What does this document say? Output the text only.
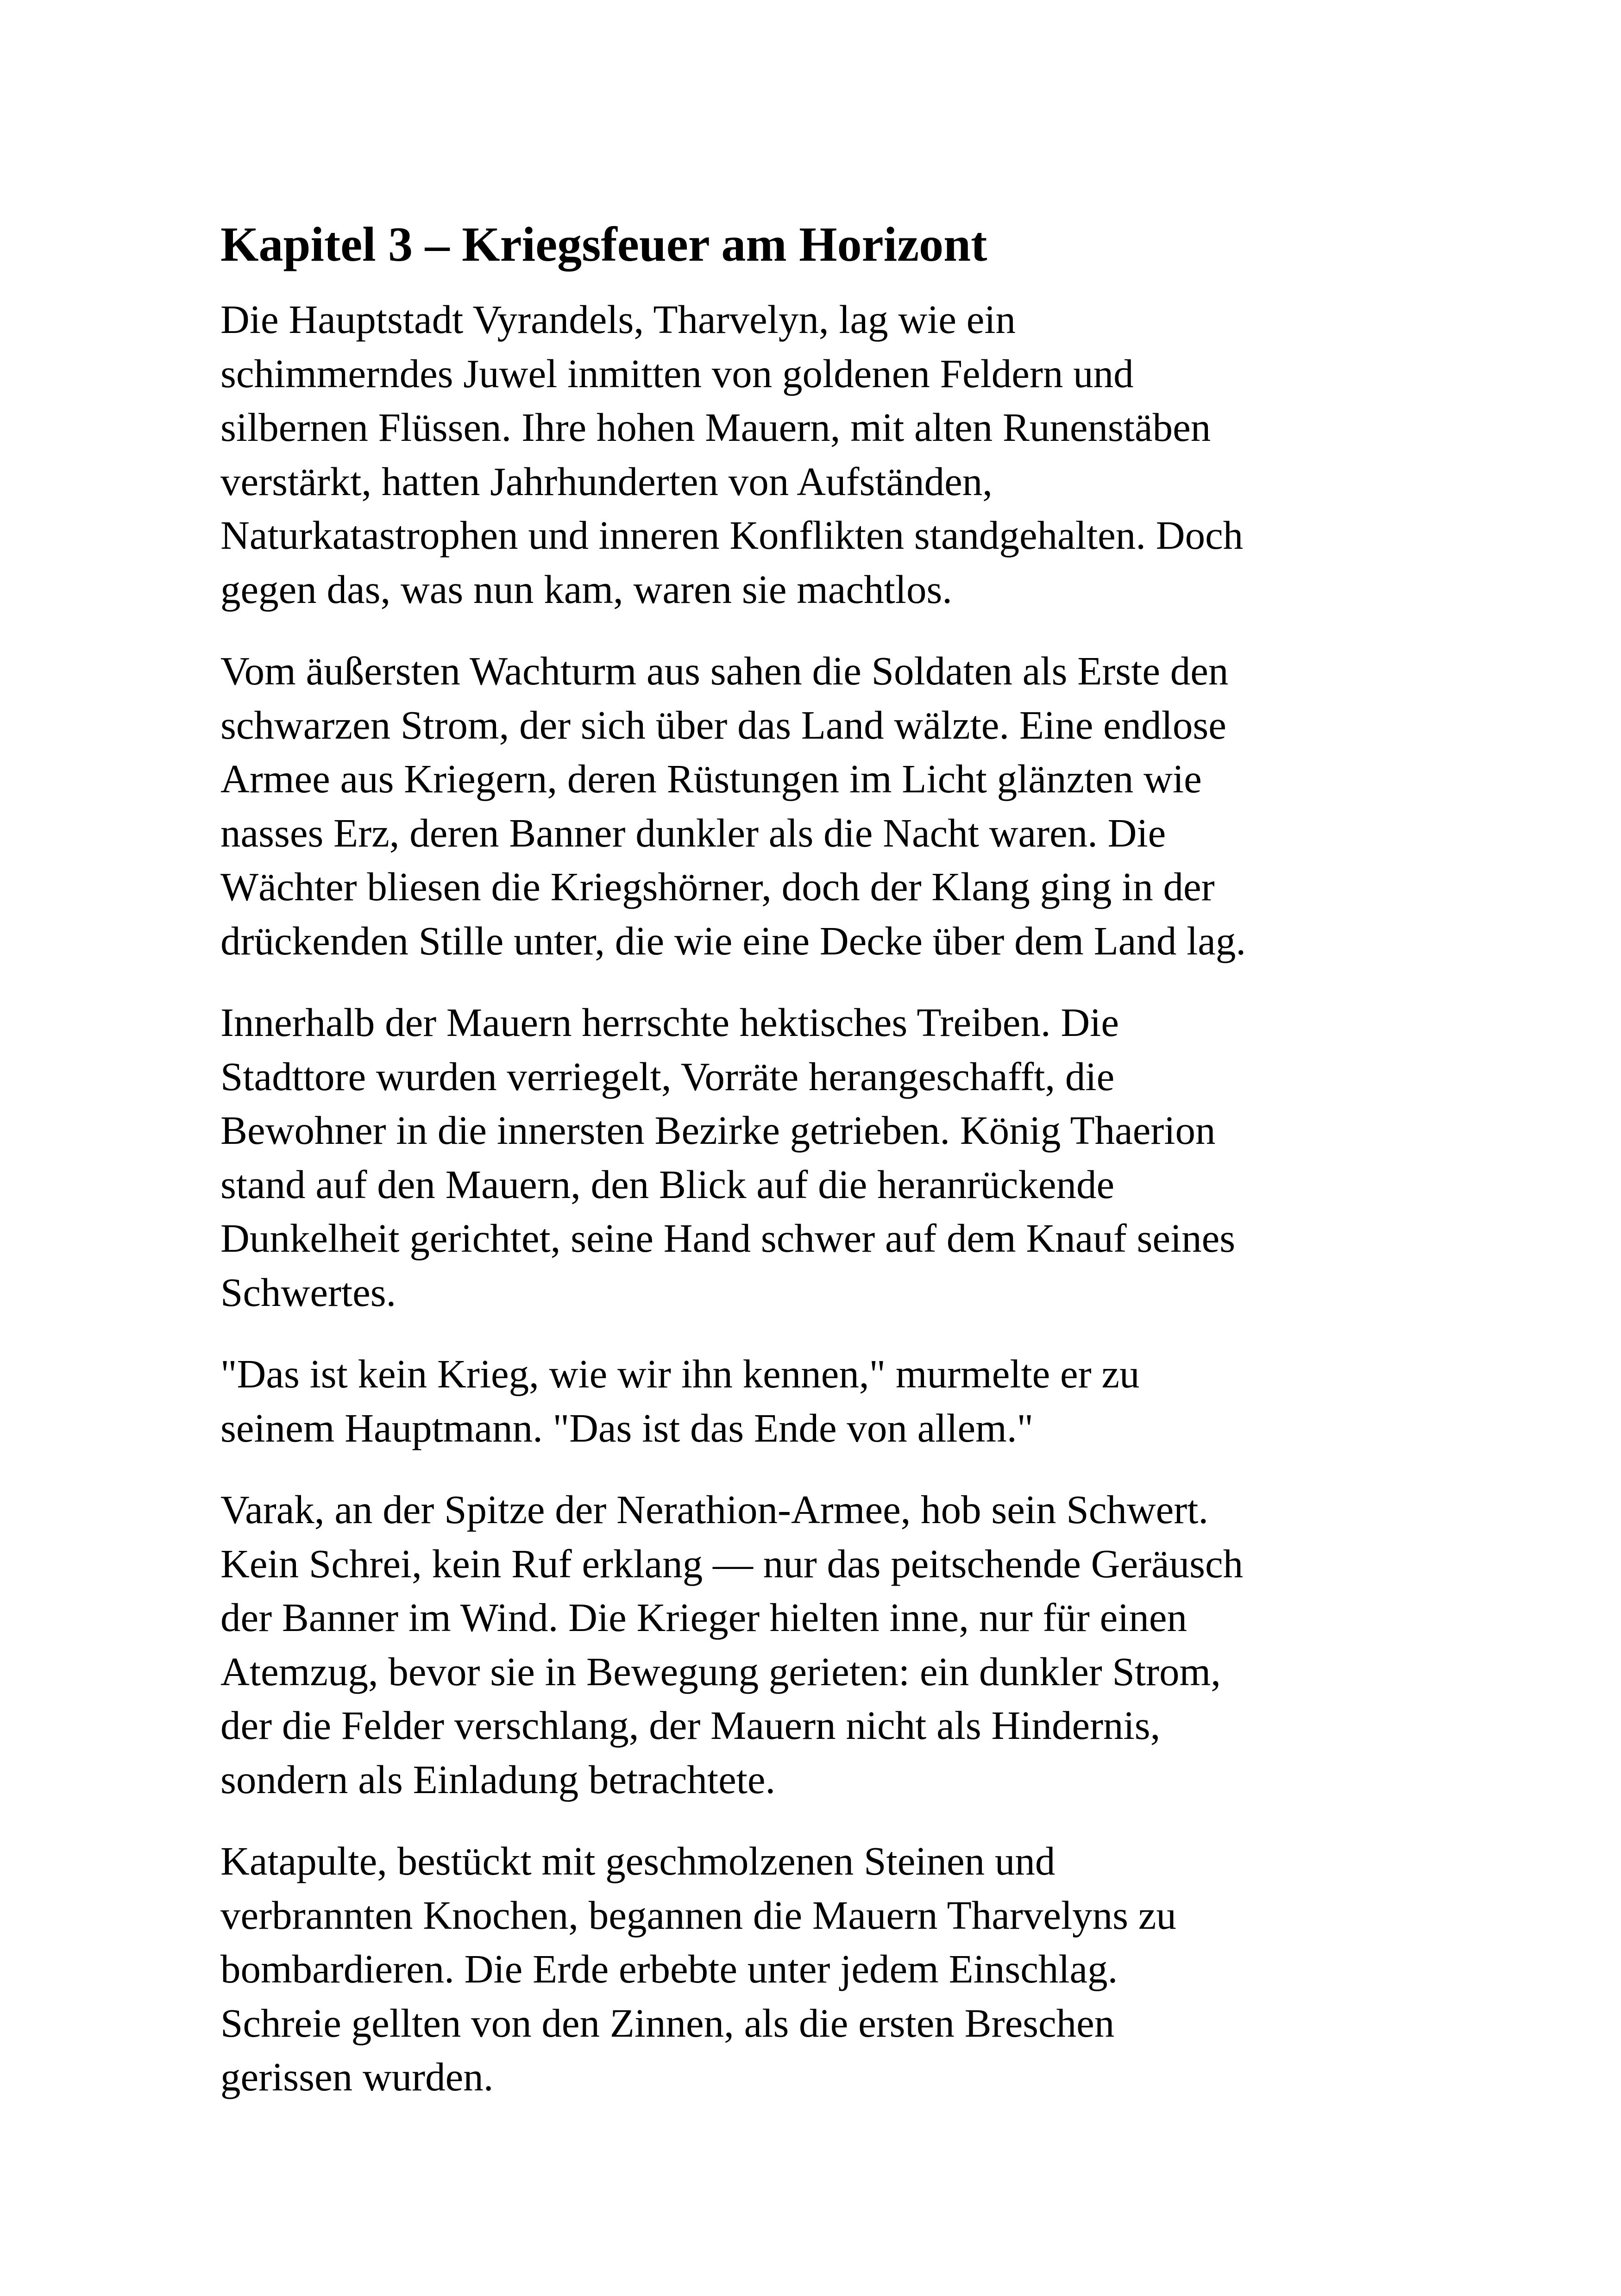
Kapitel 3 – Kriegsfeuer am Horizont

Die Hauptstadt Vyrandels, Tharvelyn, lag wie ein
schimmerndes Juwel inmitten von goldenen Feldern und
silbernen Flüssen. Ihre hohen Mauern, mit alten Runenstäben
verstärkt, hatten Jahrhunderten von Aufständen,
Naturkatastrophen und inneren Konflikten standgehalten. Doch
gegen das, was nun kam, waren sie machtlos.

Vom äußersten Wachturm aus sahen die Soldaten als Erste den
schwarzen Strom, der sich über das Land wälzte. Eine endlose
Armee aus Kriegern, deren Rüstungen im Licht glänzten wie
nasses Erz, deren Banner dunkler als die Nacht waren. Die
Wächter bliesen die Kriegshörner, doch der Klang ging in der
drückenden Stille unter, die wie eine Decke über dem Land lag.

Innerhalb der Mauern herrschte hektisches Treiben. Die
Stadttore wurden verriegelt, Vorräte herangeschafft, die
Bewohner in die innersten Bezirke getrieben. König Thaerion
stand auf den Mauern, den Blick auf die heranrückende
Dunkelheit gerichtet, seine Hand schwer auf dem Knauf seines
Schwertes.

"Das ist kein Krieg, wie wir ihn kennen," murmelte er zu
seinem Hauptmann. "Das ist das Ende von allem."

Varak, an der Spitze der Nerathion-Armee, hob sein Schwert.
Kein Schrei, kein Ruf erklang — nur das peitschende Geräusch
der Banner im Wind. Die Krieger hielten inne, nur für einen
Atemzug, bevor sie in Bewegung gerieten: ein dunkler Strom,
der die Felder verschlang, der Mauern nicht als Hindernis,
sondern als Einladung betrachtete.

Katapulte, bestückt mit geschmolzenen Steinen und
verbrannten Knochen, begannen die Mauern Tharvelyns zu
bombardieren. Die Erde erbebte unter jedem Einschlag.
Schreie gellten von den Zinnen, als die ersten Breschen
gerissen wurden.
